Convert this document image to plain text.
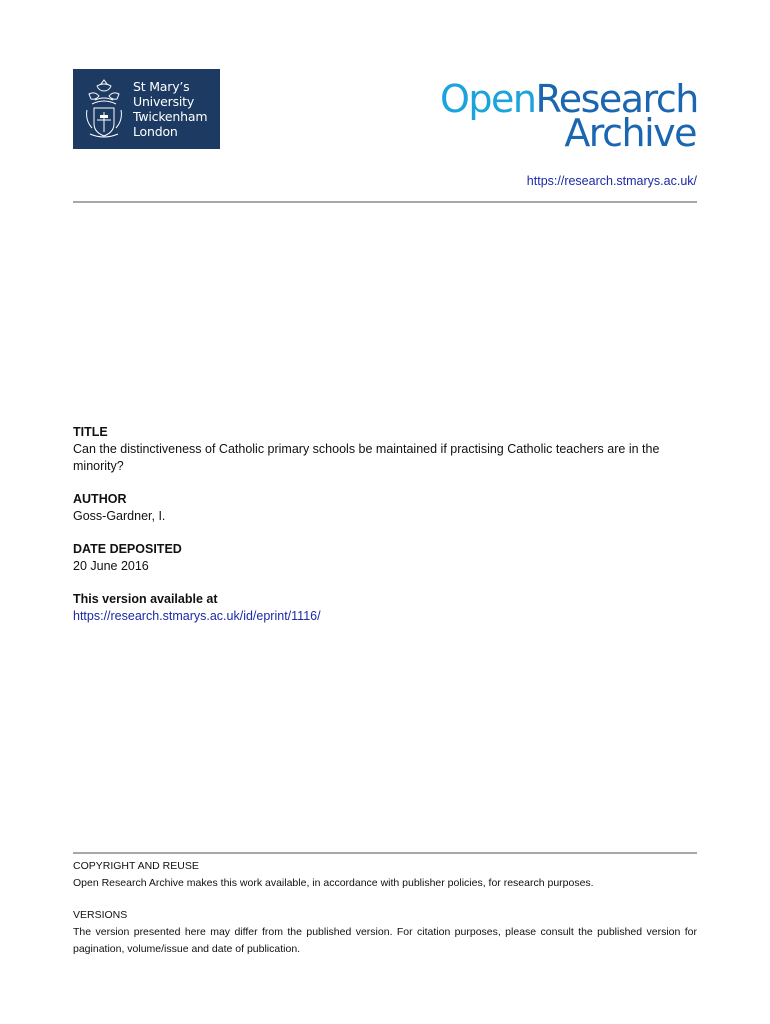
St Mary’s
University
Twickenham
London
OpenResearch
Archive
https://research.stmarys.ac.uk/
TITLE
Can the distinctiveness of Catholic primary schools be maintained if practising Catholic teachers are in the minority?
AUTHOR
Goss-Gardner, I.
DATE DEPOSITED
20 June 2016
This version available at
https://research.stmarys.ac.uk/id/eprint/1116/
COPYRIGHT AND REUSE
Open Research Archive makes this work available, in accordance with publisher policies, for research purposes.
VERSIONS
The version presented here may differ from the published version. For citation purposes, please consult the published version for pagination, volume/issue and date of publication.
